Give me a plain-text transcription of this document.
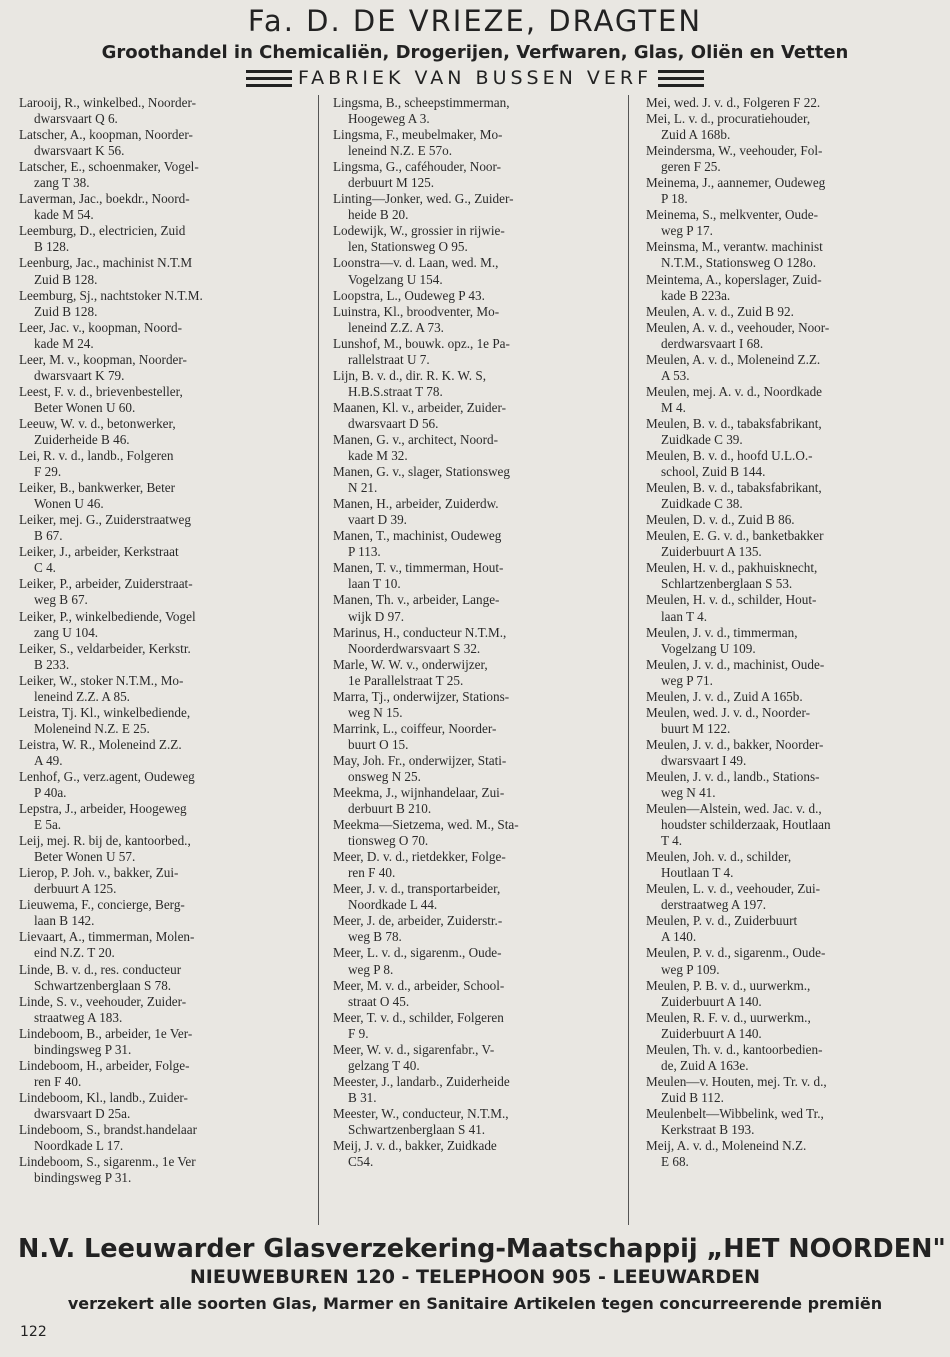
Fa. D. DE VRIEZE, DRAGTEN
Groothandel in Chemicaliën, Drogerijen, Verfwaren, Glas, Oliën en Vetten
FABRIEK VAN BUSSEN VERF
Larooij, R., winkelbed., Noorder-
dwarsvaart Q 6.
Latscher, A., koopman, Noorder-
dwarsvaart K 56.
Latscher, E., schoenmaker, Vogel-
zang T 38.
Laverman, Jac., boekdr., Noord-
kade M 54.
Leemburg, D., electricien, Zuid
B 128.
Leenburg, Jac., machinist N.T.M
Zuid B 128.
Leemburg, Sj., nachtstoker N.T.M.
Zuid B 128.
Leer, Jac. v., koopman, Noord-
kade M 24.
Leer, M. v., koopman, Noorder-
dwarsvaart K 79.
Leest, F. v. d., brievenbesteller,
Beter Wonen U 60.
Leeuw, W. v. d., betonwerker,
Zuiderheide B 46.
Lei, R. v. d., landb., Folgeren
F 29.
Leiker, B., bankwerker, Beter
Wonen U 46.
Leiker, mej. G., Zuiderstraatweg
B 67.
Leiker, J., arbeider, Kerkstraat
C 4.
Leiker, P., arbeider, Zuiderstraat-
weg B 67.
Leiker, P., winkelbediende, Vogel
zang U 104.
Leiker, S., veldarbeider, Kerkstr.
B 233.
Leiker, W., stoker N.T.M., Mo-
leneind Z.Z. A 85.
Leistra, Tj. Kl., winkelbediende,
Moleneind N.Z. E 25.
Leistra, W. R., Moleneind Z.Z.
A 49.
Lenhof, G., verz.agent, Oudeweg
P 40a.
Lepstra, J., arbeider, Hoogeweg
E 5a.
Leij, mej. R. bij de, kantoorbed.,
Beter Wonen U 57.
Lierop, P. Joh. v., bakker, Zui-
derbuurt A 125.
Lieuwema, F., concierge, Berg-
laan B 142.
Lievaart, A., timmerman, Molen-
eind N.Z. T 20.
Linde, B. v. d., res. conducteur
Schwartzenberglaan S 78.
Linde, S. v., veehouder, Zuider-
straatweg A 183.
Lindeboom, B., arbeider, 1e Ver-
bindingsweg P 31.
Lindeboom, H., arbeider, Folge-
ren F 40.
Lindeboom, Kl., landb., Zuider-
dwarsvaart D 25a.
Lindeboom, S., brandst.handelaar
Noordkade L 17.
Lindeboom, S., sigarenm., 1e Ver
bindingsweg P 31.
Lingsma, B., scheepstimmerman,
Hoogeweg A 3.
Lingsma, F., meubelmaker, Mo-
leneind N.Z. E 57o.
Lingsma, G., caféhouder, Noor-
derbuurt M 125.
Linting—Jonker, wed. G., Zuider-
heide B 20.
Lodewijk, W., grossier in rijwie-
len, Stationsweg O 95.
Loonstra—v. d. Laan, wed. M.,
Vogelzang U 154.
Loopstra, L., Oudeweg P 43.
Luinstra, Kl., broodventer, Mo-
leneind Z.Z. A 73.
Lunshof, M., bouwk. opz., 1e Pa-
rallelstraat U 7.
Lijn, B. v. d., dir. R. K. W. S,
H.B.S.straat T 78.
Maanen, Kl. v., arbeider, Zuider-
dwarsvaart D 56.
Manen, G. v., architect, Noord-
kade M 32.
Manen, G. v., slager, Stationsweg
N 21.
Manen, H., arbeider, Zuiderdw.
vaart D 39.
Manen, T., machinist, Oudeweg
P 113.
Manen, T. v., timmerman, Hout-
laan T 10.
Manen, Th. v., arbeider, Lange-
wijk D 97.
Marinus, H., conducteur N.T.M.,
Noorderdwarsvaart S 32.
Marle, W. W. v., onderwijzer,
1e Parallelstraat T 25.
Marra, Tj., onderwijzer, Stations-
weg N 15.
Marrink, L., coiffeur, Noorder-
buurt O 15.
May, Joh. Fr., onderwijzer, Stati-
onsweg N 25.
Meekma, J., wijnhandelaar, Zui-
derbuurt B 210.
Meekma—Sietzema, wed. M., Sta-
tionsweg O 70.
Meer, D. v. d., rietdekker, Folge-
ren F 40.
Meer, J. v. d., transportarbeider,
Noordkade L 44.
Meer, J. de, arbeider, Zuiderstr.-
weg B 78.
Meer, L. v. d., sigarenm., Oude-
weg P 8.
Meer, M. v. d., arbeider, School-
straat O 45.
Meer, T. v. d., schilder, Folgeren
F 9.
Meer, W. v. d., sigarenfabr., V-
gelzang T 40.
Meester, J., landarb., Zuiderheide
B 31.
Meester, W., conducteur, N.T.M.,
Schwartzenberglaan S 41.
Meij, J. v. d., bakker, Zuidkade
C54.
Mei, wed. J. v. d., Folgeren F 22.
Mei, L. v. d., procuratiehouder,
Zuid A 168b.
Meindersma, W., veehouder, Fol-
geren F 25.
Meinema, J., aannemer, Oudeweg
P 18.
Meinema, S., melkventer, Oude-
weg P 17.
Meinsma, M., verantw. machinist
N.T.M., Stationsweg O 128o.
Meintema, A., koperslager, Zuid-
kade B 223a.
Meulen, A. v. d., Zuid B 92.
Meulen, A. v. d., veehouder, Noor-
derdwarsvaart I 68.
Meulen, A. v. d., Moleneind Z.Z.
A 53.
Meulen, mej. A. v. d., Noordkade
M 4.
Meulen, B. v. d., tabaksfabrikant,
Zuidkade C 39.
Meulen, B. v. d., hoofd U.L.O.-
school, Zuid B 144.
Meulen, B. v. d., tabaksfabrikant,
Zuidkade C 38.
Meulen, D. v. d., Zuid B 86.
Meulen, E. G. v. d., banketbakker
Zuiderbuurt A 135.
Meulen, H. v. d., pakhuisknecht,
Schlartzenberglaan S 53.
Meulen, H. v. d., schilder, Hout-
laan T 4.
Meulen, J. v. d., timmerman,
Vogelzang U 109.
Meulen, J. v. d., machinist, Oude-
weg P 71.
Meulen, J. v. d., Zuid A 165b.
Meulen, wed. J. v. d., Noorder-
buurt M 122.
Meulen, J. v. d., bakker, Noorder-
dwarsvaart I 49.
Meulen, J. v. d., landb., Stations-
weg N 41.
Meulen—Alstein, wed. Jac. v. d.,
houdster schilderzaak, Houtlaan
T 4.
Meulen, Joh. v. d., schilder,
Houtlaan T 4.
Meulen, L. v. d., veehouder, Zui-
derstraatweg A 197.
Meulen, P. v. d., Zuiderbuurt
A 140.
Meulen, P. v. d., sigarenm., Oude-
weg P 109.
Meulen, P. B. v. d., uurwerkm.,
Zuiderbuurt A 140.
Meulen, R. F. v. d., uurwerkm.,
Zuiderbuurt A 140.
Meulen, Th. v. d., kantoorbedien-
de, Zuid A 163e.
Meulen—v. Houten, mej. Tr. v. d.,
Zuid B 112.
Meulenbelt—Wibbelink, wed Tr.,
Kerkstraat B 193.
Meij, A. v. d., Moleneind N.Z.
E 68.
N.V. Leeuwarder Glasverzekering-Maatschappij „HET NOORDEN"
NIEUWEBUREN 120 - TELEPHOON 905 - LEEUWARDEN
verzekert alle soorten Glas, Marmer en Sanitaire Artikelen tegen concurreerende premiën
122
